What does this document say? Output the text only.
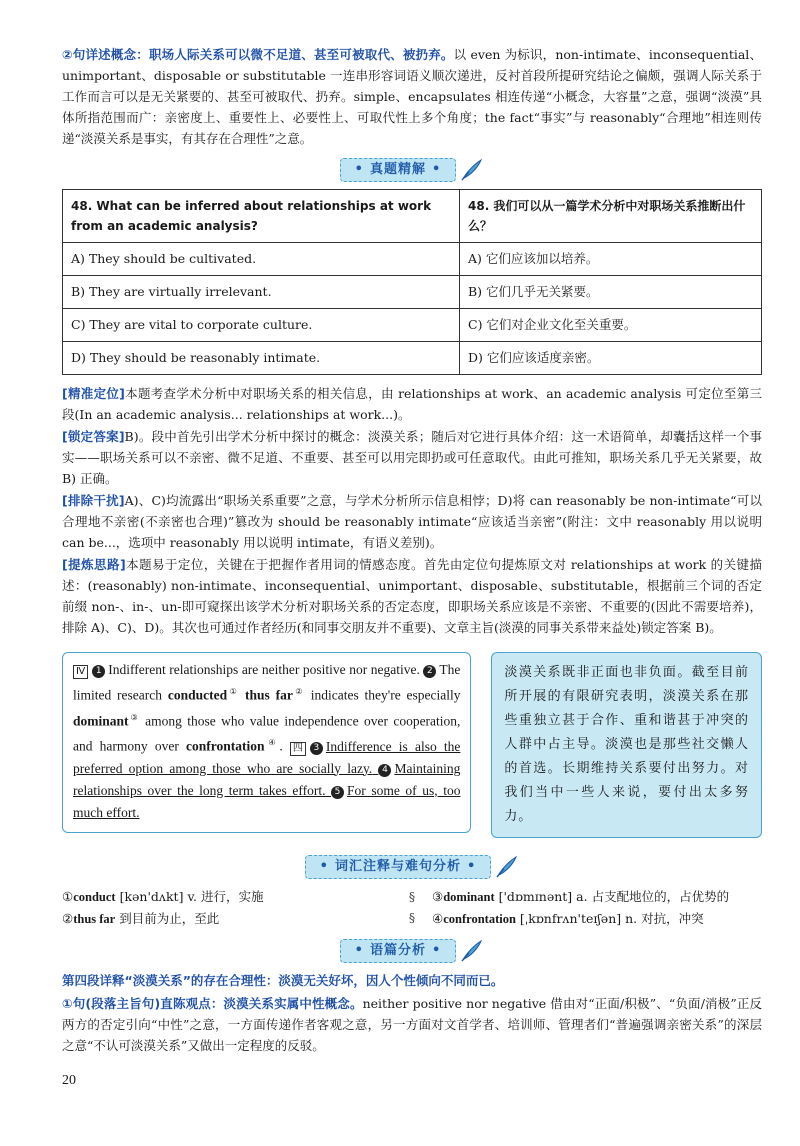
②句详述概念：职场人际关系可以微不足道、甚至可被取代、被扔弃。以 even 为标识，non-intimate、inconsequential、unimportant、disposable or substitutable 一连串形容词语义顺次递进，反衬首段所提研究结论之偏颇，强调人际关系于工作而言可以是无关紧要的、甚至可被取代、扔弃。simple、encapsulates 相连传递“小概念，大容量”之意，强调“淡漠”具体所指范围而广：亲密度上、重要性上、必要性上、可取代性上多个角度；the fact“事实”与 reasonably“合理地”相连则传递“淡漠关系是事实，有其存在合理性”之意。

• 真题精解 •
48. What can be inferred about relationships at work from an academic analysis?	48. 我们可以从一篇学术分析中对职场关系推断出什么？
A) They should be cultivated.	A) 它们应该加以培养。
B) They are virtually irrelevant.	B) 它们几乎无关紧要。
C) They are vital to corporate culture.	C) 它们对企业文化至关重要。
D) They should be reasonably intimate.	D) 它们应该适度亲密。

[精准定位]本题考查学术分析中对职场关系的相关信息，由 relationships at work、an academic analysis 可定位至第三段(In an academic analysis... relationships at work...)。

[锁定答案]B)。段中首先引出学术分析中探讨的概念：淡漠关系；随后对它进行具体介绍：这一术语简单，却囊括这样一个事实——职场关系可以不亲密、微不足道、不重要、甚至可以用完即扔或可任意取代。由此可推知，职场关系几乎无关紧要，故 B) 正确。

[排除干扰]A)、C)均流露出“职场关系重要”之意，与学术分析所示信息相悖；D)将 can reasonably be non-intimate“可以合理地不亲密(不亲密也合理)”篡改为 should be reasonably intimate“应该适当亲密”(附注：文中 reasonably 用以说明 can be...，选项中 reasonably 用以说明 intimate，有语义差别)。

[提炼思路]本题易于定位，关键在于把握作者用词的情感态度。首先由定位句提炼原文对 relationships at work 的关键描述：(reasonably) non-intimate、inconsequential、unimportant、disposable、substitutable，根据前三个词的否定前缀 non-、in-、un-即可窥探出该学术分析对职场关系的否定态度，即职场关系应该是不亲密、不重要的(因此不需要培养)，排除 A)、C)、D)。其次也可通过作者经历(和同事交朋友并不重要)、文章主旨(淡漠的同事关系带来益处)锁定答案 B)。

Ⅳ 1 Indifferent relationships are neither positive nor negative. 2 The limited research conducted① thus far② indicates they're especially dominant③ among those who value independence over cooperation, and harmony over confrontation④. 四 3 Indifference is also the preferred option among those who are socially lazy. 4 Maintaining relationships over the long term takes effort. 5 For some of us, too much effort.
淡漠关系既非正面也非负面。截至目前所开展的有限研究表明，淡漠关系在那些重独立甚于合作、重和谐甚于冲突的人群中占主导。淡漠也是那些社交懒人的首选。长期维持关系要付出努力。对我们当中一些人来说，要付出太多努力。
• 词汇注释与难句分析 •
①conduct [kən'dʌkt] v. 进行，实施
②thus far 到目前为止，至此
§
§
③dominant ['dɒmɪnənt] a. 占支配地位的，占优势的
④confrontation [ˌkɒnfrʌn'teɪʃən] n. 对抗，冲突
• 语篇分析 •
第四段详释“淡漠关系”的存在合理性：淡漠无关好坏，因人个性倾向不同而已。

①句(段落主旨句)直陈观点：淡漠关系实属中性概念。neither positive nor negative 借由对“正面/积极”、“负面/消极”正反两方的否定引向“中性”之意，一方面传递作者客观之意，另一方面对文首学者、培训师、管理者们“普遍强调亲密关系”的深层之意“不认可淡漠关系”又做出一定程度的反驳。

20
